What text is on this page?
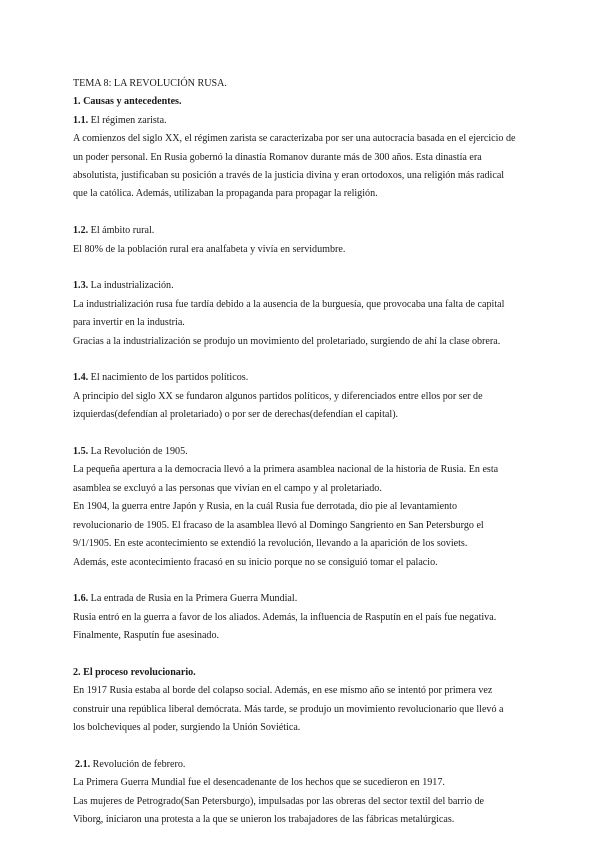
TEMA 8: LA REVOLUCIÓN RUSA.
1. Causas y antecedentes.
1.1. El régimen zarista.
A comienzos del siglo XX, el régimen zarista se caracterizaba por ser una autocracia basada en el ejercicio de
un poder personal. En Rusia gobernó la dinastía Romanov durante más de 300 años. Esta dinastía era
absolutista, justificaban su posición a través de la justicia divina y eran ortodoxos, una religión más radical
que la católica. Además, utilizaban la propaganda para propagar la religión.
1.2. El ámbito rural.
El 80% de la población rural era analfabeta y vivía en servidumbre.
1.3. La industrialización.
La industrialización rusa fue tardía debido a la ausencia de la burguesía, que provocaba una falta de capital
para invertir en la industria.
Gracias a la industrialización se produjo un movimiento del proletariado, surgiendo de ahí la clase obrera.
1.4. El nacimiento de los partidos políticos.
A principio del siglo XX se fundaron algunos partidos políticos, y diferenciados entre ellos por ser de
izquierdas(defendían al proletariado) o por ser de derechas(defendían el capital).
1.5. La Revolución de 1905.
La pequeña apertura a la democracia llevó a la primera asamblea nacional de la historia de Rusia. En esta
asamblea se excluyó a las personas que vivían en el campo y al proletariado.
En 1904, la guerra entre Japón y Rusia, en la cuál Rusia fue derrotada, dio pie al levantamiento
revolucionario de 1905. El fracaso de la asamblea llevó al Domingo Sangriento en San Petersburgo el
9/1/1905. En este acontecimiento se extendió la revolución, llevando a la aparición de los soviets.
Además, este acontecimiento fracasó en su inicio porque no se consiguió tomar el palacio.
1.6. La entrada de Rusia en la Primera Guerra Mundial.
Rusia entró en la guerra a favor de los aliados. Además, la influencia de Rasputín en el país fue negativa.
Finalmente, Rasputín fue asesinado.
2. El proceso revolucionario.
En 1917 Rusia estaba al borde del colapso social. Además, en ese mismo año se intentó por primera vez
construir una república liberal demócrata. Más tarde, se produjo un movimiento revolucionario que llevó a
los bolcheviques al poder, surgiendo la Unión Soviética.
2.1. Revolución de febrero.
La Primera Guerra Mundial fue el desencadenante de los hechos que se sucedieron en 1917.
Las mujeres de Petrogrado(San Petersburgo), impulsadas por las obreras del sector textil del barrio de
Viborg, iniciaron una protesta a la que se unieron los trabajadores de las fábricas metalúrgicas.
